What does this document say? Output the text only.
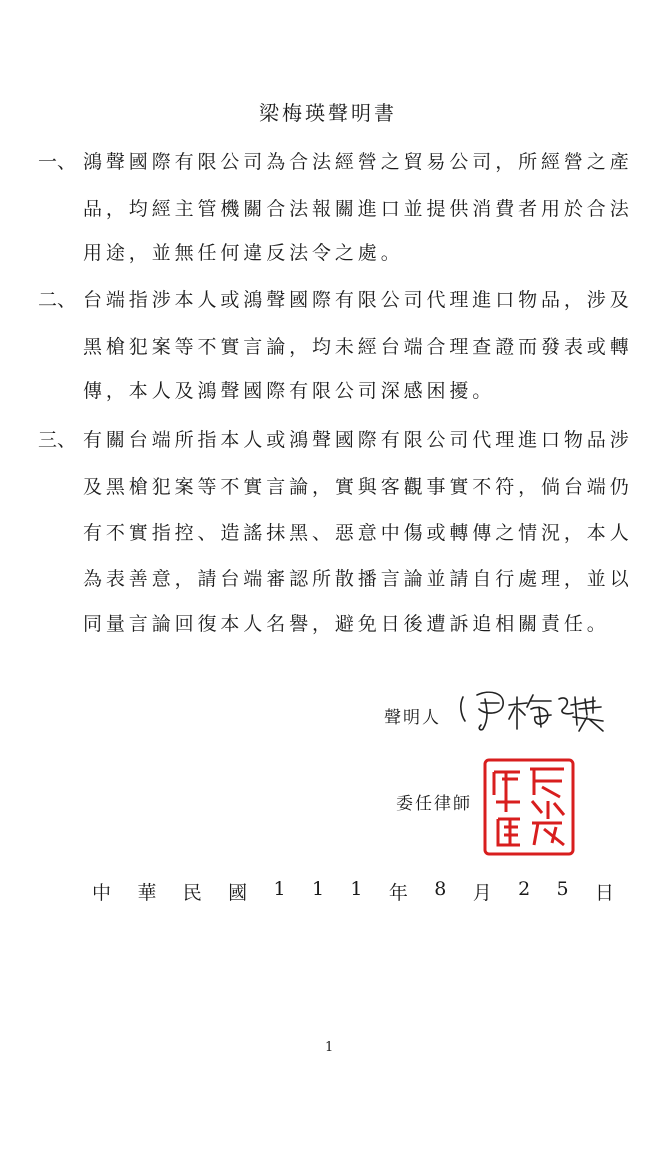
梁梅瑛聲明書
一、 鴻聲國際有限公司為合法經營之貿易公司，所經營之產
品，均經主管機關合法報關進口並提供消費者用於合法
用途，並無任何違反法令之處。
二、 台端指涉本人或鴻聲國際有限公司代理進口物品，涉及
黑槍犯案等不實言論，均未經台端合理查證而發表或轉
傳，本人及鴻聲國際有限公司深感困擾。
三、 有關台端所指本人或鴻聲國際有限公司代理進口物品涉
及黑槍犯案等不實言論，實與客觀事實不符，倘台端仍
有不實指控、造謠抹黑、惡意中傷或轉傳之情況，本人
為表善意，請台端審認所散播言論並請自行處理，並以
同量言論回復本人名譽，避免日後遭訴追相關責任。
聲明人
委任律師
中 華 民 國 1 1 1 年 8 月 2 5 日
1
